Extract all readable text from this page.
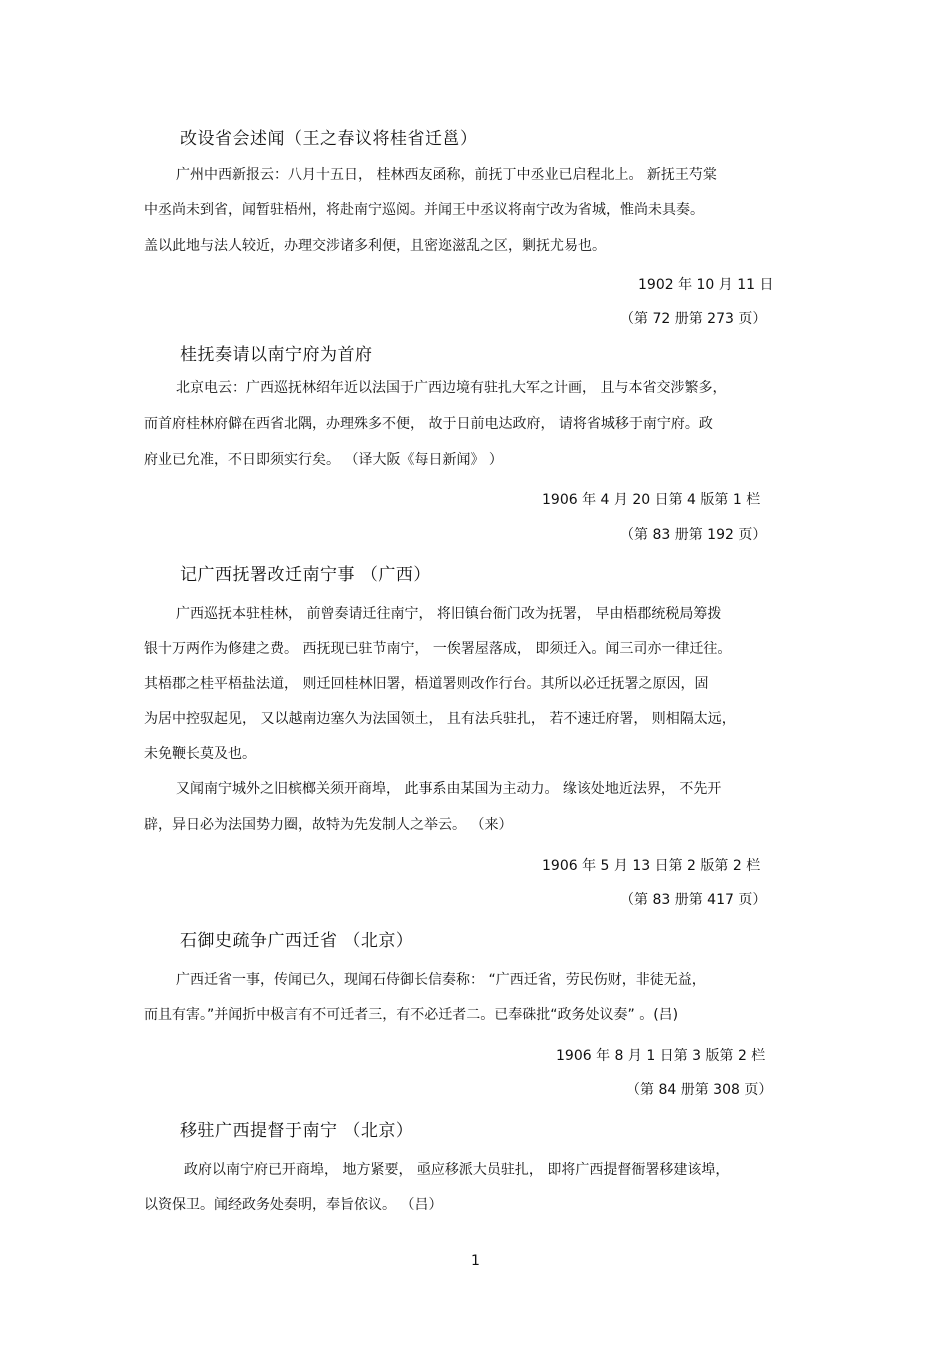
改设省会述闻（王之春议将桂省迁邕）
广州中西新报云：八月十五日， 桂林西友函称，前抚丁中丞业已启程北上。 新抚王芍棠
中丞尚未到省，闻暂驻梧州，将赴南宁巡阅。并闻王中丞议将南宁改为省城，惟尚未具奏。
盖以此地与法人较近，办理交涉诸多利便，且密迩滋乱之区，剿抚尤易也。
1902 年 10 月 11 日
（第 72 册第 273 页）
桂抚奏请以南宁府为首府
北京电云：广西巡抚林绍年近以法国于广西边境有驻扎大军之计画， 且与本省交涉繁多，
而首府桂林府僻在西省北隅，办理殊多不便， 故于日前电达政府， 请将省城移于南宁府。政
府业已允准，不日即须实行矣。 （译大阪《每日新闻》 ）
1906 年 4 月 20 日第 4 版第 1 栏
（第 83 册第 192 页）
记广西抚署改迁南宁事 （广西）
广西巡抚本驻桂林， 前曾奏请迁往南宁， 将旧镇台衙门改为抚署， 早由梧郡统税局筹拨
银十万两作为修建之费。 西抚现已驻节南宁， 一俟署屋落成， 即须迁入。闻三司亦一律迁往。
其梧郡之桂平梧盐法道， 则迁回桂林旧署，梧道署则改作行台。其所以必迁抚署之原因，固
为居中控驭起见， 又以越南边塞久为法国领土， 且有法兵驻扎， 若不速迁府署， 则相隔太远，
未免鞭长莫及也。
又闻南宁城外之旧槟榔关须开商埠， 此事系由某国为主动力。 缘该处地近法界， 不先开
辟，异日必为法国势力圈，故特为先发制人之举云。 （来）
1906 年 5 月 13 日第 2 版第 2 栏
（第 83 册第 417 页）
石御史疏争广西迁省 （北京）
广西迁省一事，传闻已久，现闻石侍御长信奏称： “广西迁省，劳民伤财，非徒无益，
而且有害。”并闻折中极言有不可迁者三，有不必迁者二。已奉硃批“政务处议奏” 。(吕)
1906 年 8 月 1 日第 3 版第 2 栏
（第 84 册第 308 页）
移驻广西提督于南宁 （北京）
政府以南宁府已开商埠， 地方紧要， 亟应移派大员驻扎， 即将广西提督衙署移建该埠，
以资保卫。闻经政务处奏明，奉旨依议。 （吕）
1
